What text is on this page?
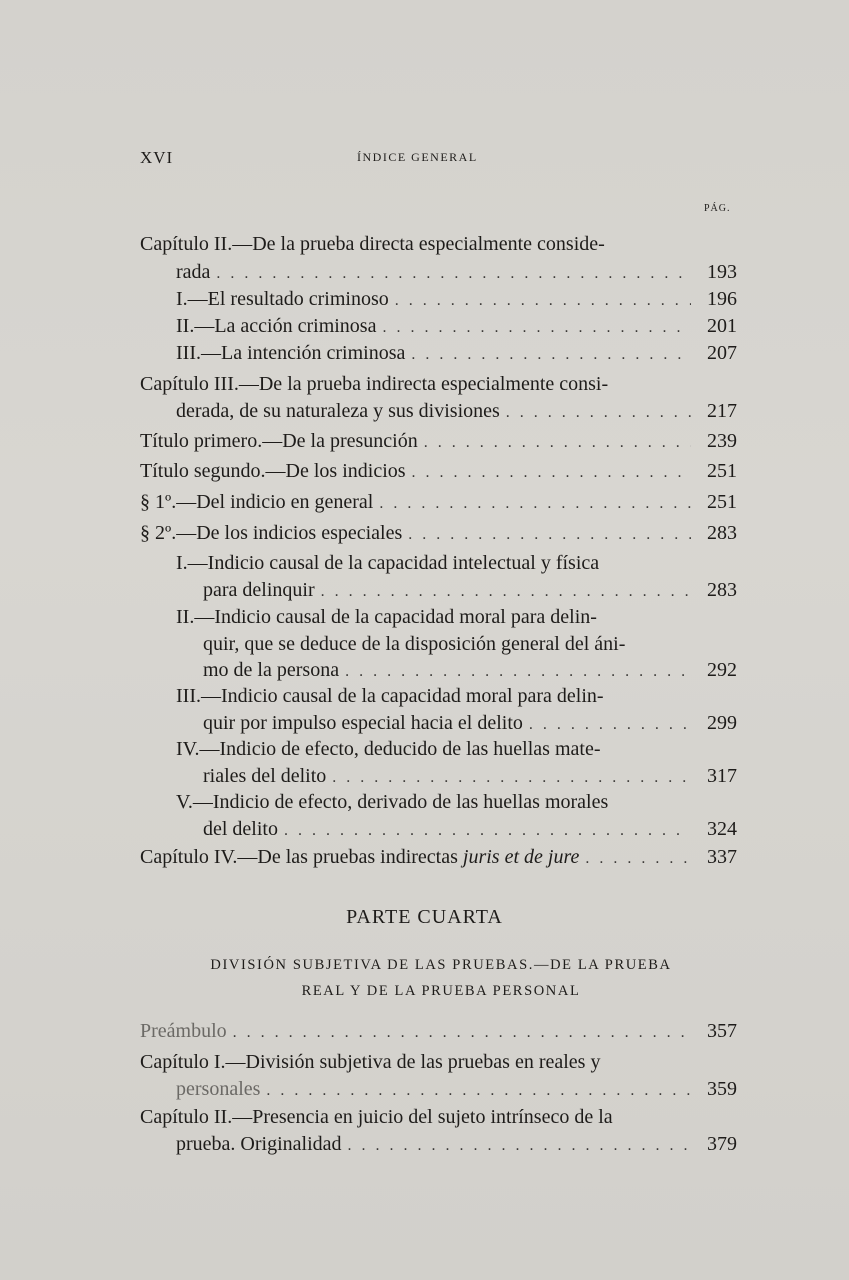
XVI	ÍNDICE GENERAL
PÁG.
Capítulo II.—De la prueba directa especialmente conside-
rada . . .	193
I.—El resultado criminoso . . .	196
II.—La acción criminosa . . .	201
III.—La intención criminosa . . .	207
Capítulo III.—De la prueba indirecta especialmente consi-
derada, de su naturaleza y sus divisiones . . .	217
Título primero.—De la presunción . . .	239
Título segundo.—De los indicios . . .	251
§ 1º.—Del indicio en general . . .	251
§ 2º.—De los indicios especiales . . .	283
I.—Indicio causal de la capacidad intelectual y física
para delinquir . . .	283
II.—Indicio causal de la capacidad moral para delin-
quir, que se deduce de la disposición general del áni-
mo de la persona . . .	292
III.—Indicio causal de la capacidad moral para delin-
quir por impulso especial hacia el delito . . .	299
IV.—Indicio de efecto, deducido de las huellas mate-
riales del delito . . .	317
V.—Indicio de efecto, derivado de las huellas morales
del delito . . .	324
Capítulo IV.—De las pruebas indirectas juris et de jure . . .	337
PARTE CUARTA
DIVISIÓN SUBJETIVA DE LAS PRUEBAS.—DE LA PRUEBA
REAL Y DE LA PRUEBA PERSONAL
Preámbulo . . .	357
Capítulo I.—División subjetiva de las pruebas en reales y
personales . . .	359
Capítulo II.—Presencia en juicio del sujeto intrínseco de la
prueba. Originalidad . . .	379
